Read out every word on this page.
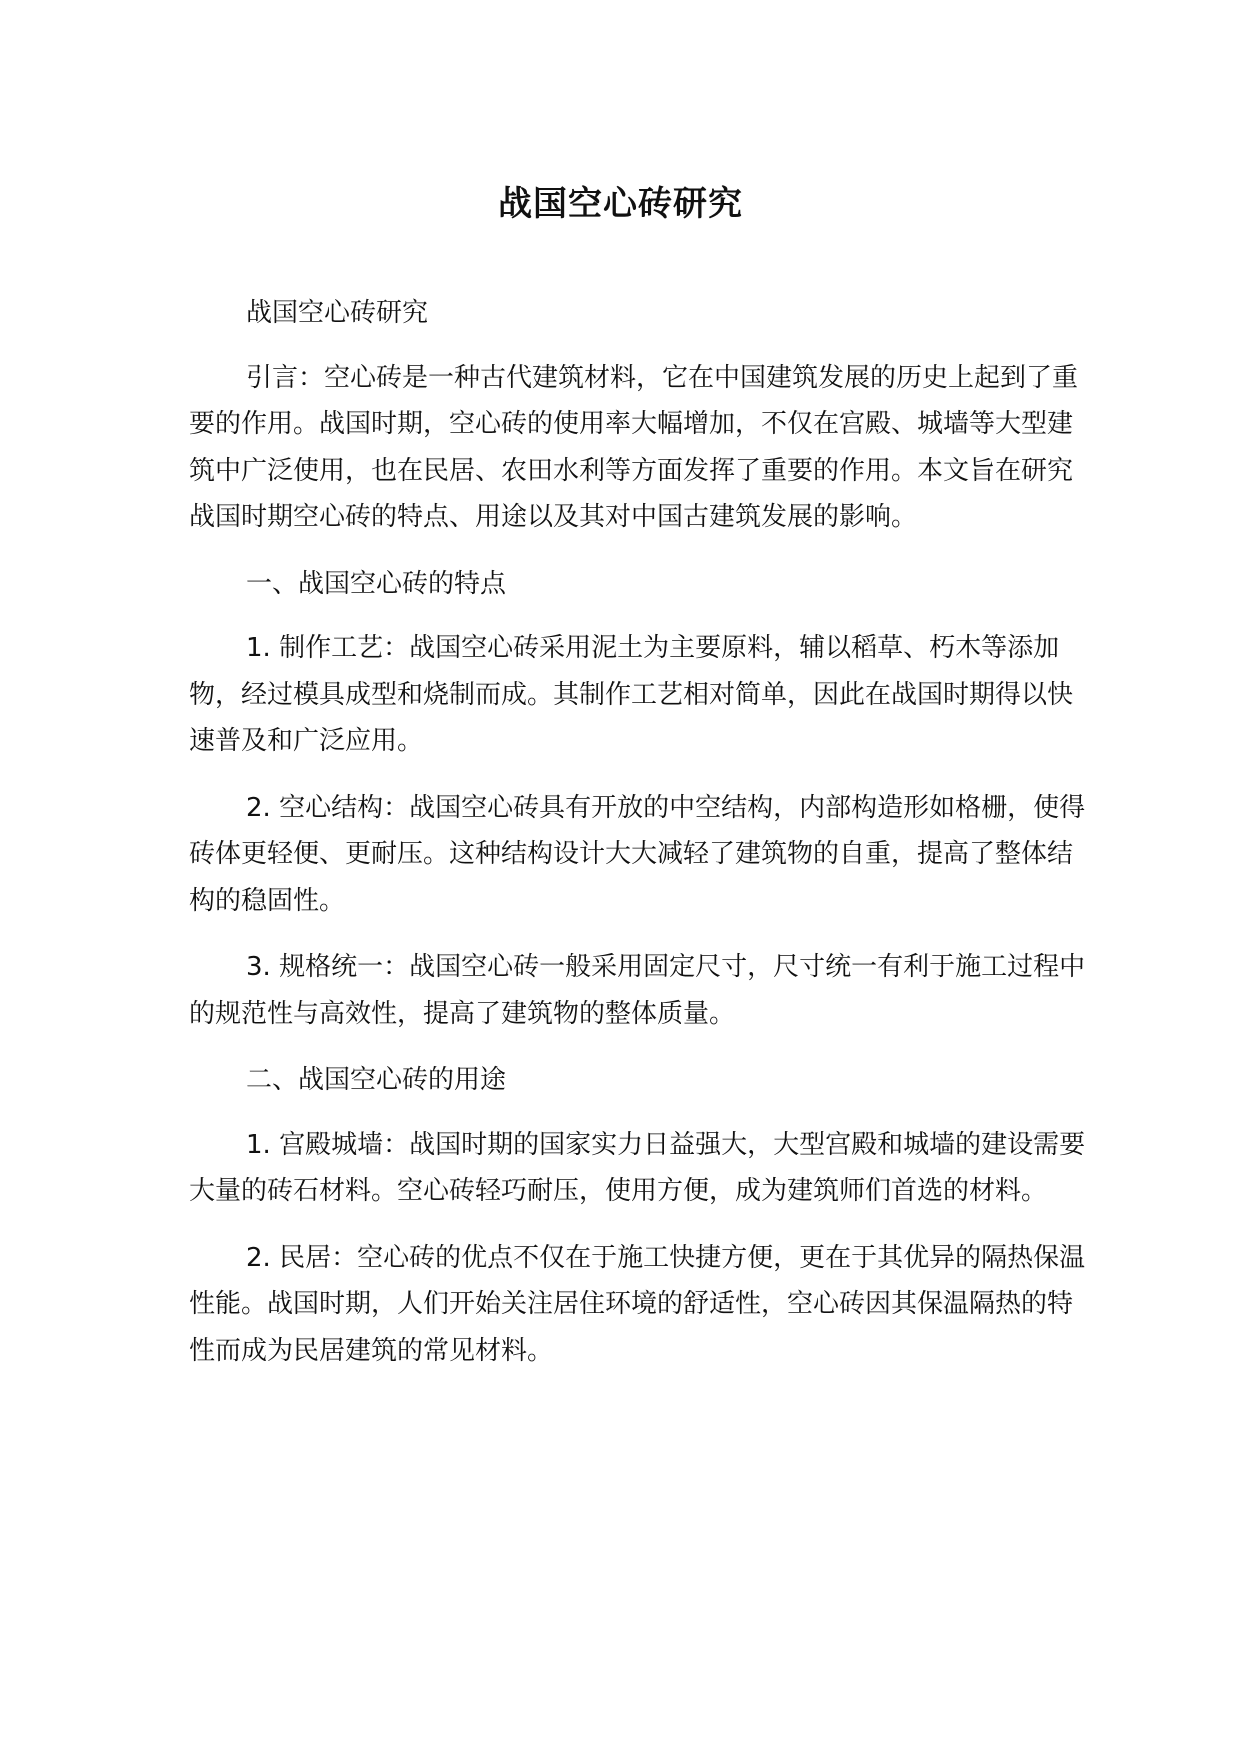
战国空心砖研究

战国空心砖研究

引言：空心砖是一种古代建筑材料，它在中国建筑发展的历史上起到了重要的作用。战国时期，空心砖的使用率大幅增加，不仅在宫殿、城墙等大型建筑中广泛使用，也在民居、农田水利等方面发挥了重要的作用。本文旨在研究战国时期空心砖的特点、用途以及其对中国古建筑发展的影响。

一、战国空心砖的特点

1. 制作工艺：战国空心砖采用泥土为主要原料，辅以稻草、朽木等添加物，经过模具成型和烧制而成。其制作工艺相对简单，因此在战国时期得以快速普及和广泛应用。

2. 空心结构：战国空心砖具有开放的中空结构，内部构造形如格栅，使得砖体更轻便、更耐压。这种结构设计大大减轻了建筑物的自重，提高了整体结构的稳固性。

3. 规格统一：战国空心砖一般采用固定尺寸，尺寸统一有利于施工过程中的规范性与高效性，提高了建筑物的整体质量。

二、战国空心砖的用途

1. 宫殿城墙：战国时期的国家实力日益强大，大型宫殿和城墙的建设需要大量的砖石材料。空心砖轻巧耐压，使用方便，成为建筑师们首选的材料。

2. 民居：空心砖的优点不仅在于施工快捷方便，更在于其优异的隔热保温性能。战国时期，人们开始关注居住环境的舒适性，空心砖因其保温隔热的特性而成为民居建筑的常见材料。
